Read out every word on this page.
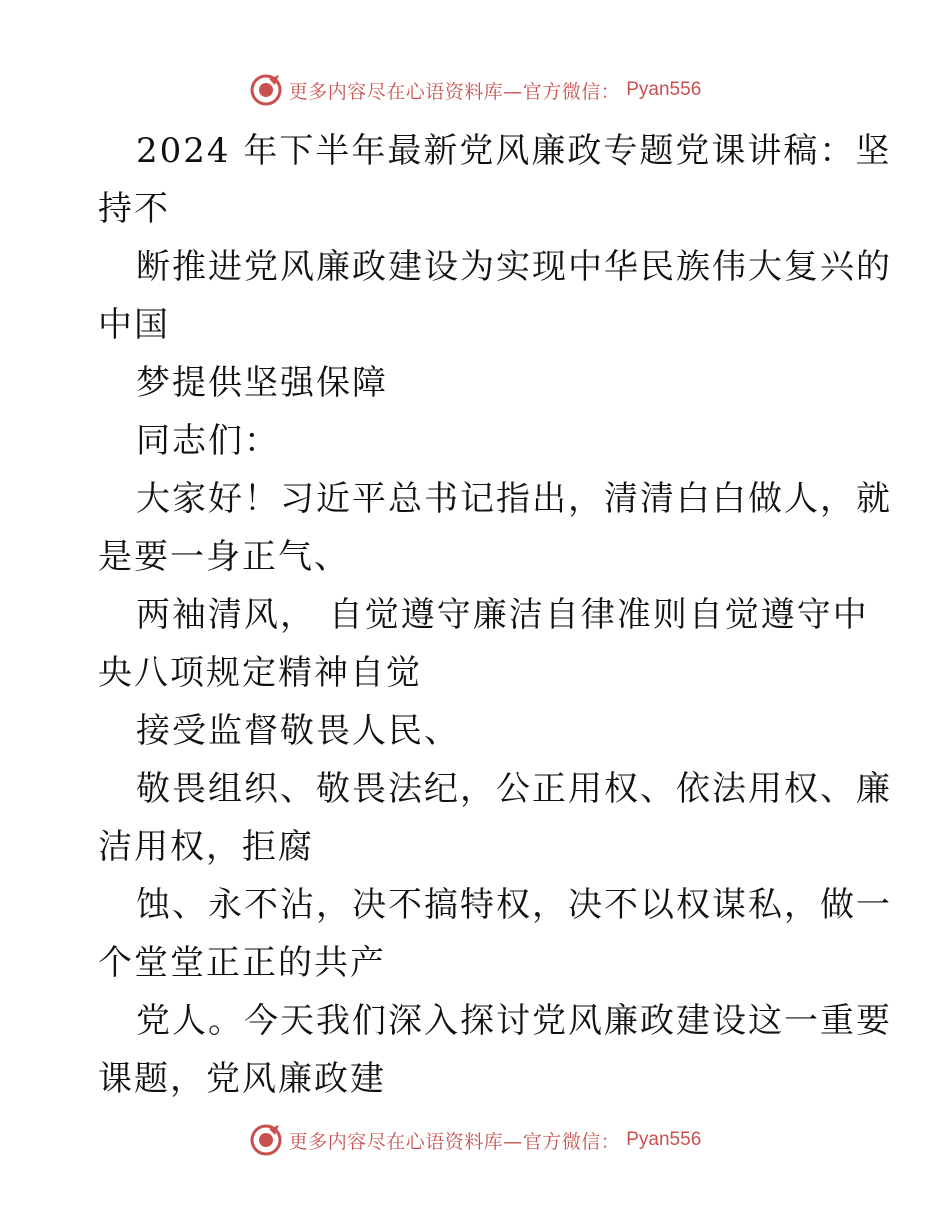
更多内容尽在心语资料库—官方微信： Pyan556
2024 年下半年最新党风廉政专题党课讲稿：坚
持不
断推进党风廉政建设为实现中华民族伟大复兴的
中国
梦提供坚强保障
同志们：
大家好！习近平总书记指出，清清白白做人，就
是要一身正气、
两袖清风， 自觉遵守廉洁自律准则自觉遵守中
央八项规定精神自觉
接受监督敬畏人民、
敬畏组织、敬畏法纪，公正用权、依法用权、廉
洁用权，拒腐
蚀、永不沾，决不搞特权，决不以权谋私，做一
个堂堂正正的共产
党人。今天我们深入探讨党风廉政建设这一重要
课题，党风廉政建
更多内容尽在心语资料库—官方微信： Pyan556
